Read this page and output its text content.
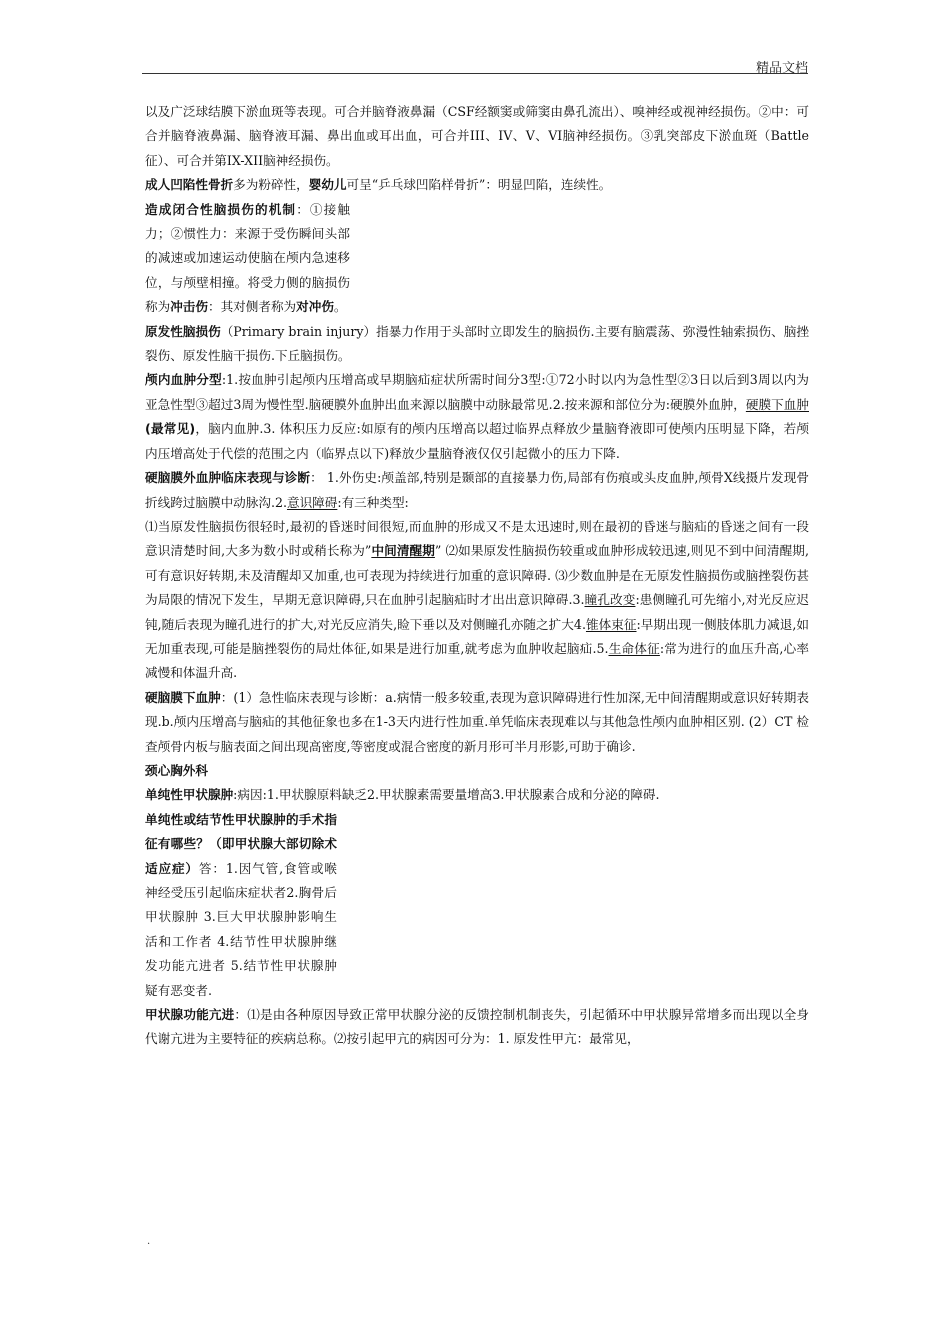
精品文档

以及广泛球结膜下淤血斑等表现。可合并脑脊液鼻漏（CSF经额窦或筛窦由鼻孔流出）、嗅神经或视神经损伤。②中：可合并脑脊液鼻漏、脑脊液耳漏、鼻出血或耳出血，可合并III、IV、V、VI脑神经损伤。③乳突部皮下淤血斑（Battle征）、可合并第IX-XII脑神经损伤。

成人凹陷性骨折多为粉碎性，婴幼儿可呈“乒乓球凹陷样骨折”：明显凹陷，连续性。

造成闭合性脑损伤的机制：①接触力；②惯性力：来源于受伤瞬间头部的减速或加速运动使脑在颅内急速移位，与颅壁相撞。将受力侧的脑损伤称为冲击伤：其对侧者称为对冲伤。

原发性脑损伤（Primary brain injury）指暴力作用于头部时立即发生的脑损伤.主要有脑震荡、弥漫性轴索损伤、脑挫裂伤、原发性脑干损伤.下丘脑损伤。

颅内血肿分型:1.按血肿引起颅内压增高或早期脑疝症状所需时间分3型:①72小时以内为急性型②3日以后到3周以内为亚急性型③超过3周为慢性型.脑硬膜外血肿出血来源以脑膜中动脉最常见.2.按来源和部位分为:硬膜外血肿，硬膜下血肿(最常见)，脑内血肿.3. 体积压力反应:如原有的颅内压增高以超过临界点释放少量脑脊液即可使颅内压明显下降，若颅内压增高处于代偿的范围之内（临界点以下)释放少量脑脊液仅仅引起微小的压力下降.

硬脑膜外血肿临床表现与诊断： 1.外伤史:颅盖部,特别是颞部的直接暴力伤,局部有伤痕或头皮血肿,颅骨X线摄片发现骨折线跨过脑膜中动脉沟.2.意识障碍:有三种类型:

⑴当原发性脑损伤很轻时,最初的昏迷时间很短,而血肿的形成又不是太迅速时,则在最初的昏迷与脑疝的昏迷之间有一段意识清楚时间,大多为数小时或稍长称为”中间清醒期” ⑵如果原发性脑损伤较重或血肿形成较迅速,则见不到中间清醒期,可有意识好转期,未及清醒却又加重,也可表现为持续进行加重的意识障碍. ⑶少数血肿是在无原发性脑损伤或脑挫裂伤甚为局限的情况下发生，早期无意识障碍,只在血肿引起脑疝时才出出意识障碍.3.瞳孔改变:患侧瞳孔可先缩小,对光反应迟钝,随后表现为瞳孔进行的扩大,对光反应消失,睑下垂以及对侧瞳孔亦随之扩大4.锥体束征:早期出现一侧肢体肌力减退,如无加重表现,可能是脑挫裂伤的局灶体征,如果是进行加重,就考虑为血肿收起脑疝.5.生命体征:常为进行的血压升高,心率减慢和体温升高.

硬脑膜下血肿：(1）急性临床表现与诊断：a.病情一般多较重,表现为意识障碍进行性加深,无中间清醒期或意识好转期表现.b.颅内压增高与脑疝的其他征象也多在1-3天内进行性加重.单凭临床表现难以与其他急性颅内血肿相区别. (2）CT 检查颅骨内板与脑表面之间出现高密度,等密度或混合密度的新月形可半月形影,可助于确诊.

颈心胸外科

单纯性甲状腺肿:病因:1.甲状腺原料缺乏2.甲状腺素需要量增高3.甲状腺素合成和分泌的障碍.

单纯性或结节性甲状腺肿的手术指征有哪些？（即甲状腺大部切除术适应症）答：1.因气管,食管或喉神经受压引起临床症状者2.胸骨后甲状腺肿 3.巨大甲状腺肿影响生活和工作者 4.结节性甲状腺肿继发功能亢进者 5.结节性甲状腺肿疑有恶变者.

甲状腺功能亢进：⑴是由各种原因导致正常甲状腺分泌的反馈控制机制丧失，引起循环中甲状腺异常增多而出现以全身代谢亢进为主要特征的疾病总称。⑵按引起甲亢的病因可分为：1. 原发性甲亢：最常见，

.
